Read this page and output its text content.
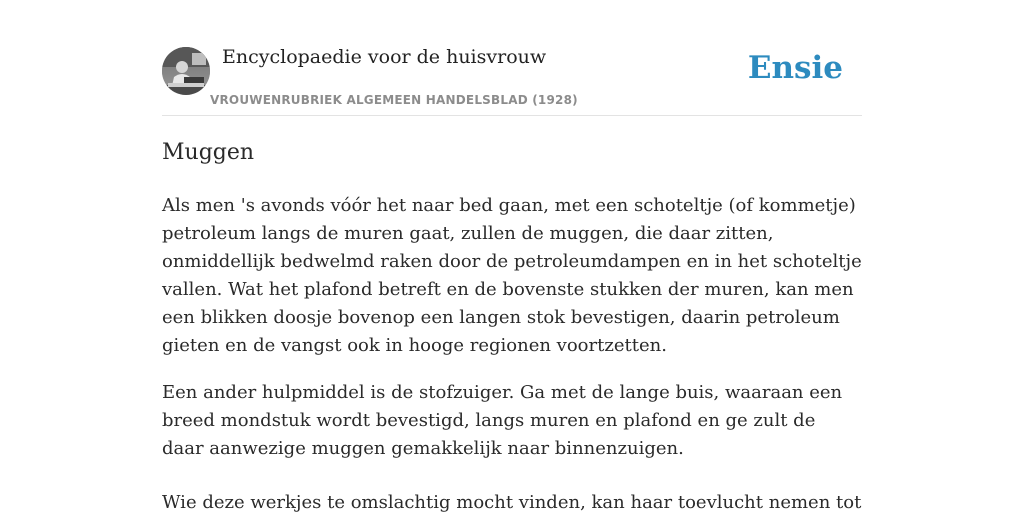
Encyclopaedie voor de huisvrouw
VROUWENRUBRIEK ALGEMEEN HANDELSBLAD (1928)
Ensie
Muggen

Als men 's avonds vóór het naar bed gaan, met een schoteltje (of kommetje) petroleum langs de muren gaat, zullen de muggen, die daar zitten, onmiddellijk bedwelmd raken door de petroleumdampen en in het schoteltje vallen. Wat het plafond betreft en de bovenste stukken der muren, kan men een blikken doosje bovenop een langen stok bevestigen, daarin petroleum gieten en de vangst ook in hooge regionen voortzetten.

Een ander hulpmiddel is de stofzuiger. Ga met de lange buis, waaraan een breed mondstuk wordt bevestigd, langs muren en plafond en ge zult de daar aanwezige muggen gemakkelijk naar binnenzuigen.

Wie deze werkjes te omslachtig mocht vinden, kan haar toevlucht nemen tot
